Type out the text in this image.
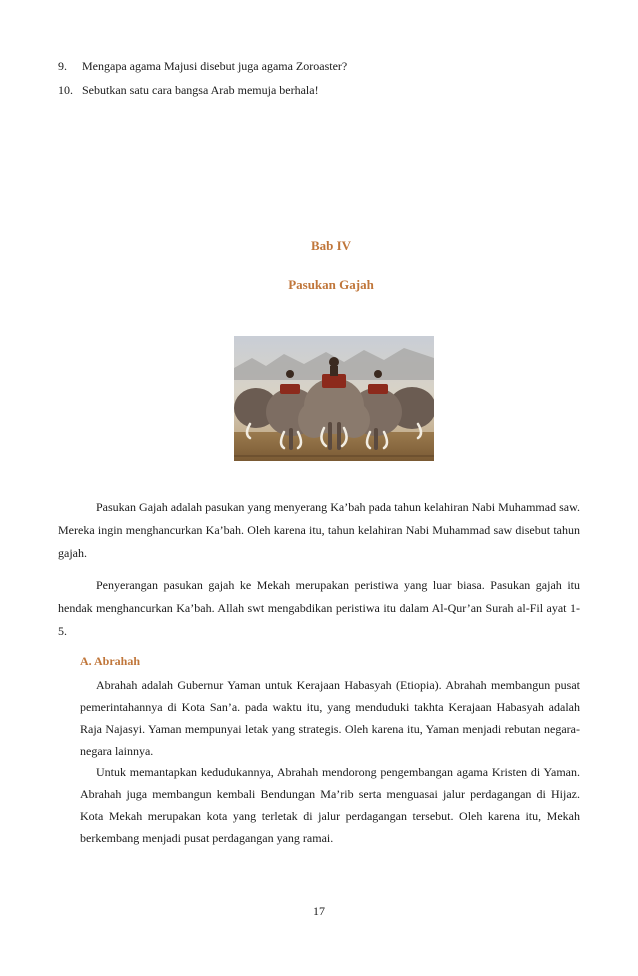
9. Mengapa agama Majusi disebut juga agama Zoroaster?
10. Sebutkan satu cara bangsa Arab memuja berhala!
Bab IV
Pasukan Gajah
Pasukan Gajah adalah pasukan yang menyerang Ka’bah pada tahun kelahiran Nabi Muhammad saw. Mereka ingin menghancurkan Ka’bah. Oleh karena itu, tahun kelahiran Nabi Muhammad saw disebut tahun gajah.
Penyerangan pasukan gajah ke Mekah merupakan peristiwa yang luar biasa. Pasukan gajah itu hendak menghancurkan Ka’bah. Allah swt mengabdikan peristiwa itu dalam Al-Qur’an Surah al-Fil ayat 1-5.
A. Abrahah
Abrahah adalah Gubernur Yaman untuk Kerajaan Habasyah (Etiopia). Abrahah membangun pusat pemerintahannya di Kota San’a. pada waktu itu, yang menduduki takhta Kerajaan Habasyah adalah Raja Najasyi. Yaman mempunyai letak yang strategis. Oleh karena itu, Yaman menjadi rebutan negara-negara lainnya.
Untuk memantapkan kedudukannya, Abrahah mendorong pengembangan agama Kristen di Yaman. Abrahah juga membangun kembali Bendungan Ma’rib serta menguasai jalur perdagangan di Hijaz. Kota Mekah merupakan kota yang terletak di jalur perdagangan tersebut. Oleh karena itu, Mekah berkembang menjadi pusat perdagangan yang ramai.
17
